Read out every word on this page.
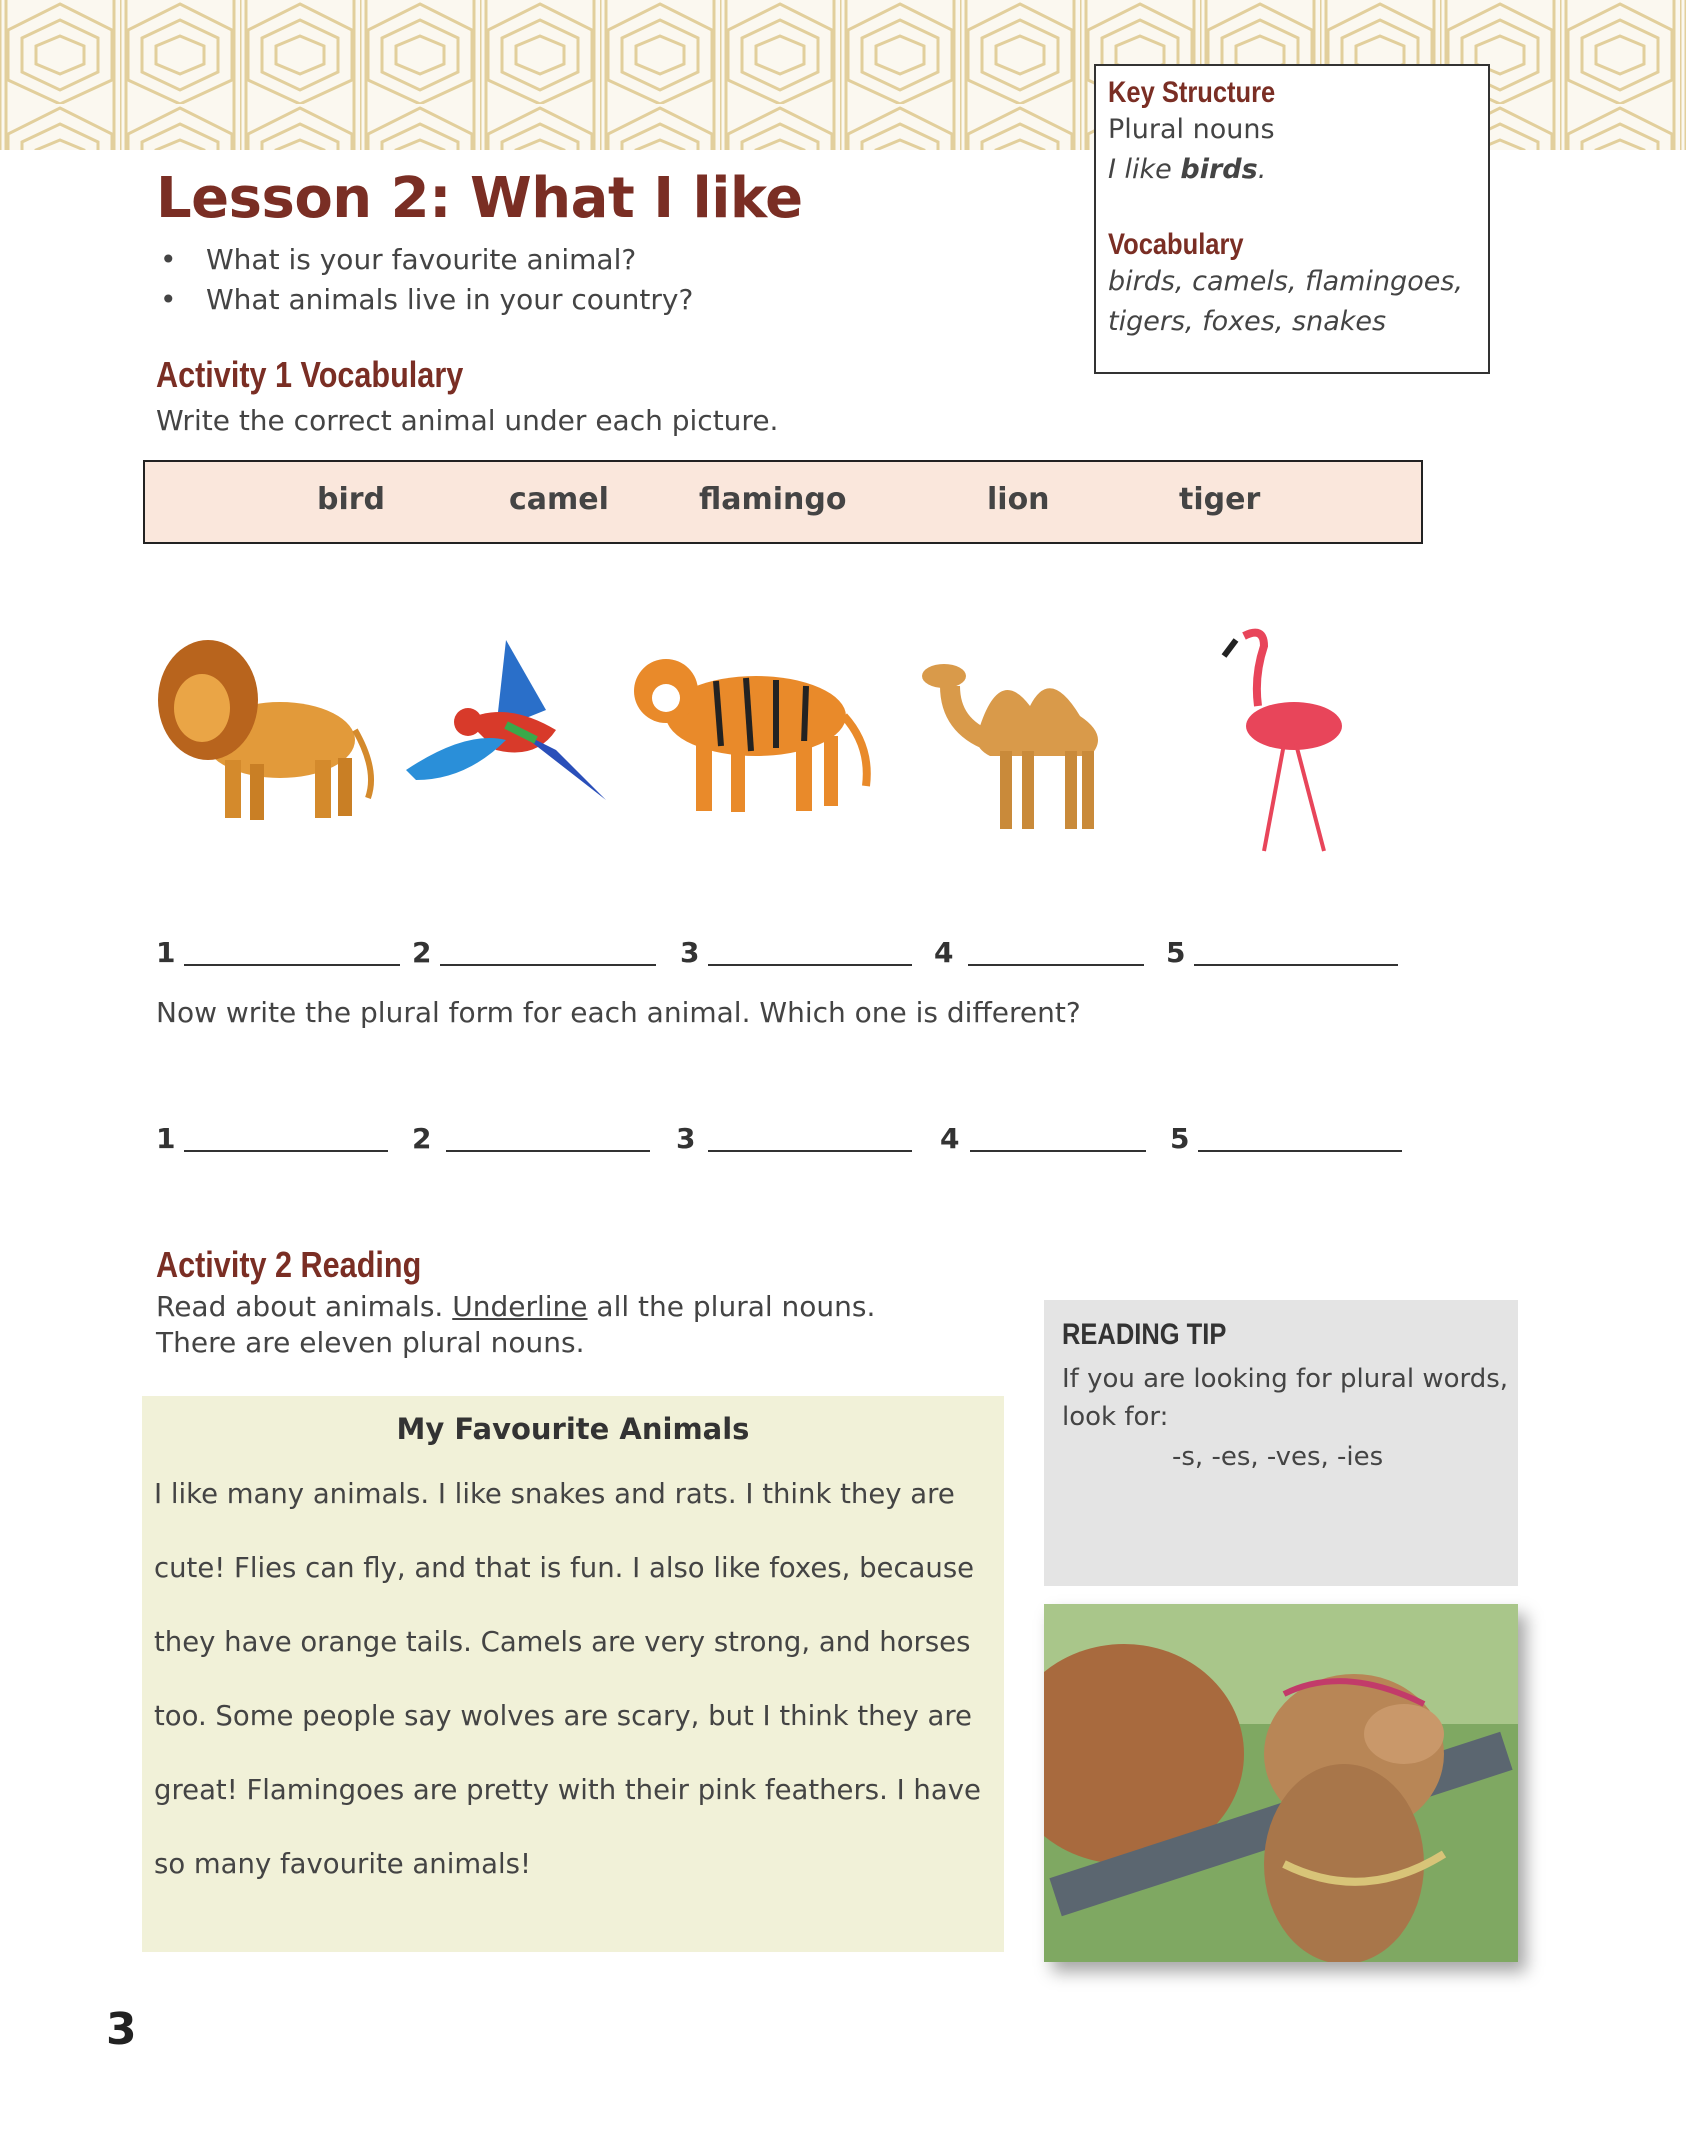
Lesson 2: What I like
• What is your favourite animal?
• What animals live in your country?
Key Structure
Plural nouns
I like birds.
Vocabulary
birds, camels, flamingoes,
tigers, foxes, snakes
Activity 1 Vocabulary
Write the correct animal under each picture.
bird	camel	flamingo	lion	tiger
1	2	3	4	5
Now write the plural form for each animal. Which one is different?
1	2	3	4	5
Activity 2 Reading
Read about animals. Underline all the plural nouns.
There are eleven plural nouns.
My Favourite Animals
I like many animals. I like snakes and rats. I think they are
cute! Flies can fly, and that is fun. I also like foxes, because
they have orange tails. Camels are very strong, and horses
too. Some people say wolves are scary, but I think they are
great! Flamingoes are pretty with their pink feathers. I have
so many favourite animals!
READING TIP
If you are looking for plural words,
look for:
-s, -es, -ves, -ies
3
